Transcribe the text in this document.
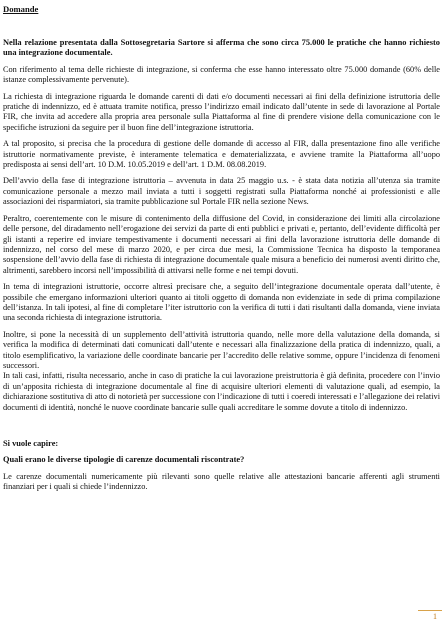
Domande
Nella relazione presentata dalla Sottosegretaria Sartore si afferma che sono circa 75.000 le pratiche che hanno richiesto una integrazione documentale.

Con riferimento al tema delle richieste di integrazione, si conferma che esse hanno interessato oltre 75.000 domande (60% delle istanze complessivamente pervenute).

La richiesta di integrazione riguarda le domande carenti di dati e/o documenti necessari ai fini della definizione istruttoria delle pratiche di indennizzo, ed è attuata tramite notifica, presso l’indirizzo email indicato dall’utente in sede di lavorazione al Portale FIR, che invita ad accedere alla propria area personale sulla Piattaforma al fine di prendere visione della comunicazione con le specifiche istruzioni da seguire per il buon fine dell’integrazione istruttoria.

A tal proposito, si precisa che la procedura di gestione delle domande di accesso al FIR, dalla presentazione fino alle verifiche istruttorie normativamente previste, è interamente telematica e dematerializzata, e avviene tramite la Piattaforma all’uopo predisposta ai sensi dell’art. 10 D.M. 10.05.2019 e dell’art. 1 D.M. 08.08.2019.

Dell’avvio della fase di integrazione istruttoria – avvenuta in data 25 maggio u.s. - è stata data notizia all’utenza sia tramite comunicazione personale a mezzo mail inviata a tutti i soggetti registrati sulla Piattaforma nonché ai professionisti e alle associazioni dei risparmiatori, sia tramite pubblicazione sul Portale FIR nella sezione News.

Peraltro, coerentemente con le misure di contenimento della diffusione del Covid, in considerazione dei limiti alla circolazione delle persone, del diradamento nell’erogazione dei servizi da parte di enti pubblici e privati e, pertanto, dell’evidente difficoltà per gli istanti a reperire ed inviare tempestivamente i documenti necessari ai fini della lavorazione istruttoria delle domande di indennizzo, nel corso del mese di marzo 2020, e per circa due mesi, la Commissione Tecnica ha disposto la temporanea sospensione dell’avvio della fase di richiesta di integrazione documentale quale misura a beneficio dei numerosi aventi diritto che, altrimenti, sarebbero incorsi nell’impossibilità di attivarsi nelle forme e nei tempi dovuti.

In tema di integrazioni istruttorie, occorre altresì precisare che, a seguito dell’integrazione documentale operata dall’utente, è possibile che emergano informazioni ulteriori quanto ai titoli oggetto di domanda non evidenziate in sede di prima compilazione dell’istanza. In tali ipotesi, al fine di completare l’iter istruttorio con la verifica di tutti i dati risultanti dalla domanda, viene inviata una seconda richiesta di integrazione istruttoria.

Inoltre, si pone la necessità di un supplemento dell’attività istruttoria quando, nelle more della valutazione della domanda, si verifica la modifica di determinati dati comunicati dall’utente e necessari alla finalizzazione della pratica di indennizzo, quali, a titolo esemplificativo, la variazione delle coordinate bancarie per l’accredito delle relative somme, oppure l’incidenza di fenomeni successori.

In tali casi, infatti, risulta necessario, anche in caso di pratiche la cui lavorazione preistruttoria è già definita, procedere con l’invio di un’apposita richiesta di integrazione documentale al fine di acquisire ulteriori elementi di valutazione quali, ad esempio, la dichiarazione sostitutiva di atto di notorietà per successione con l’indicazione di tutti i coeredi interessati e l’allegazione dei relativi documenti di identità, nonché le nuove coordinate bancarie sulle quali accreditare le somme dovute a titolo di indennizzo.

Si vuole capire:
Quali erano le diverse tipologie di carenze documentali riscontrate?

Le carenze documentali numericamente più rilevanti sono quelle relative alle attestazioni bancarie afferenti agli strumenti finanziari per i quali si chiede l’indennizzo.

1
